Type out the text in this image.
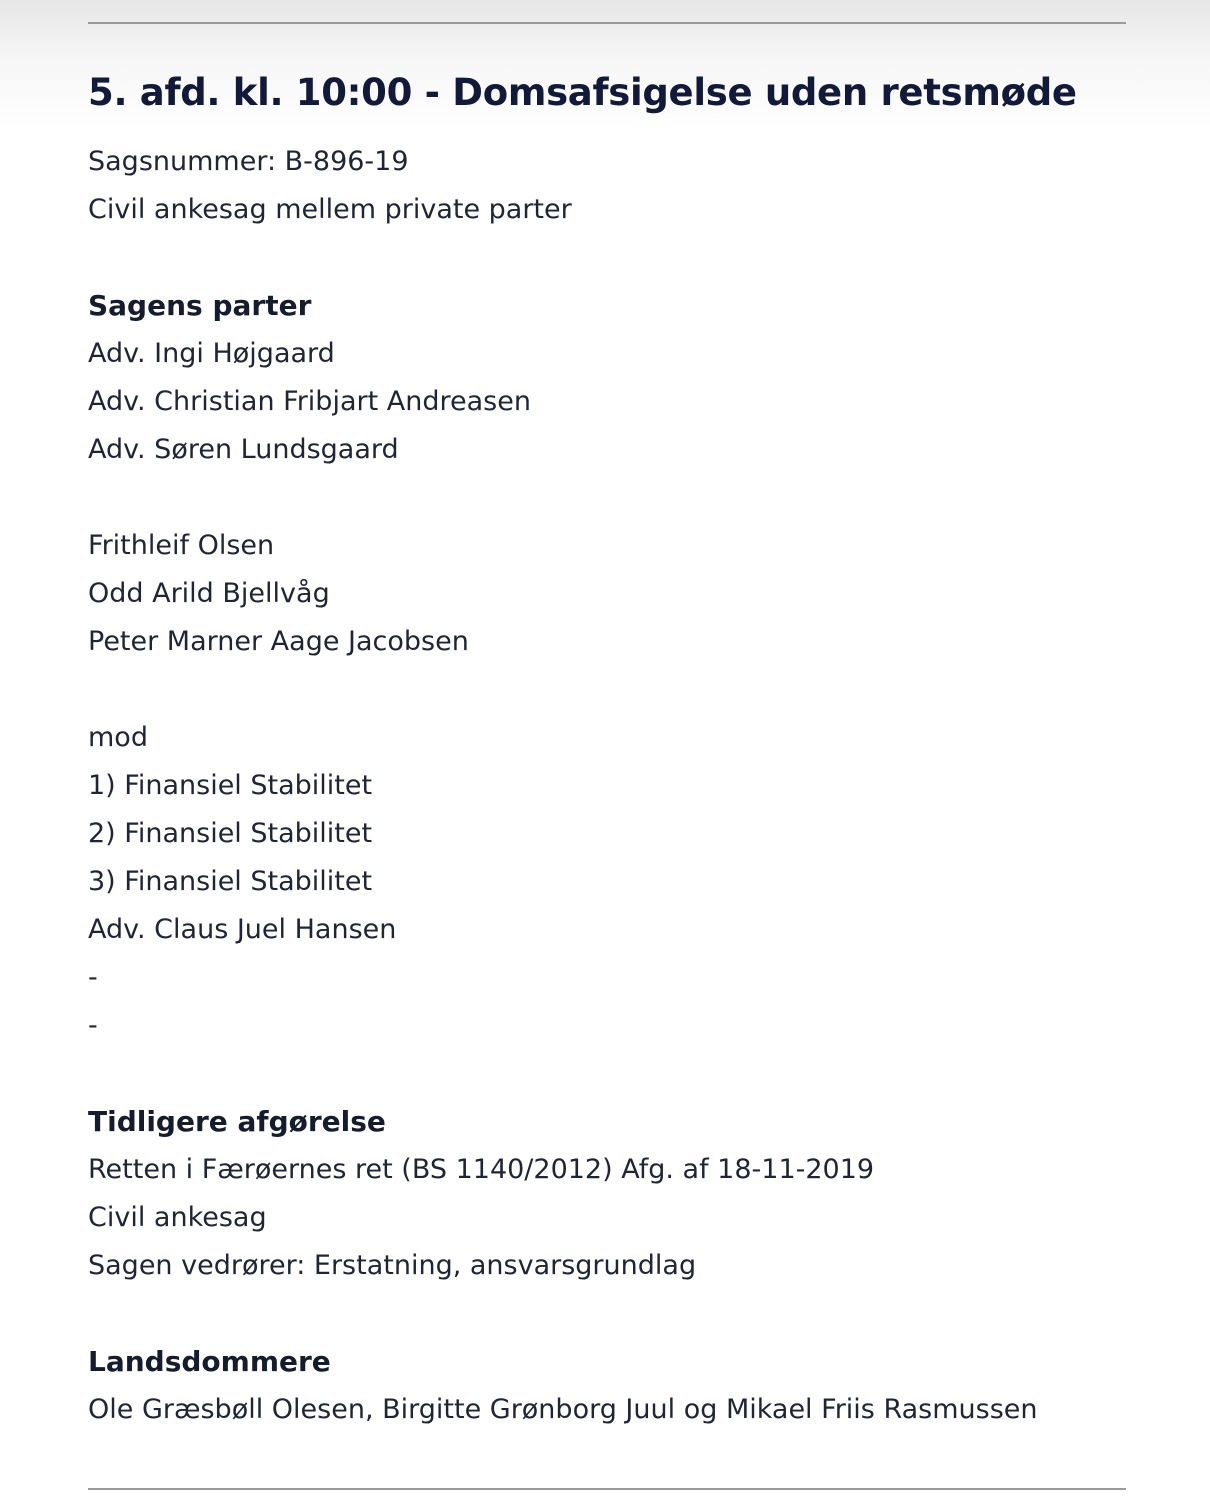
5. afd. kl. 10:00 - Domsafsigelse uden retsmøde
Sagsnummer: B-896-19
Civil ankesag mellem private parter
Sagens parter
Adv. Ingi Højgaard
Adv. Christian Fribjart Andreasen
Adv. Søren Lundsgaard
Frithleif Olsen
Odd Arild Bjellvåg
Peter Marner Aage Jacobsen
mod
1) Finansiel Stabilitet
2) Finansiel Stabilitet
3) Finansiel Stabilitet
Adv. Claus Juel Hansen
-
-
Tidligere afgørelse
Retten i Færøernes ret (BS 1140/2012) Afg. af 18-11-2019
Civil ankesag
Sagen vedrører: Erstatning, ansvarsgrundlag
Landsdommere
Ole Græsbøll Olesen, Birgitte Grønborg Juul og Mikael Friis Rasmussen
